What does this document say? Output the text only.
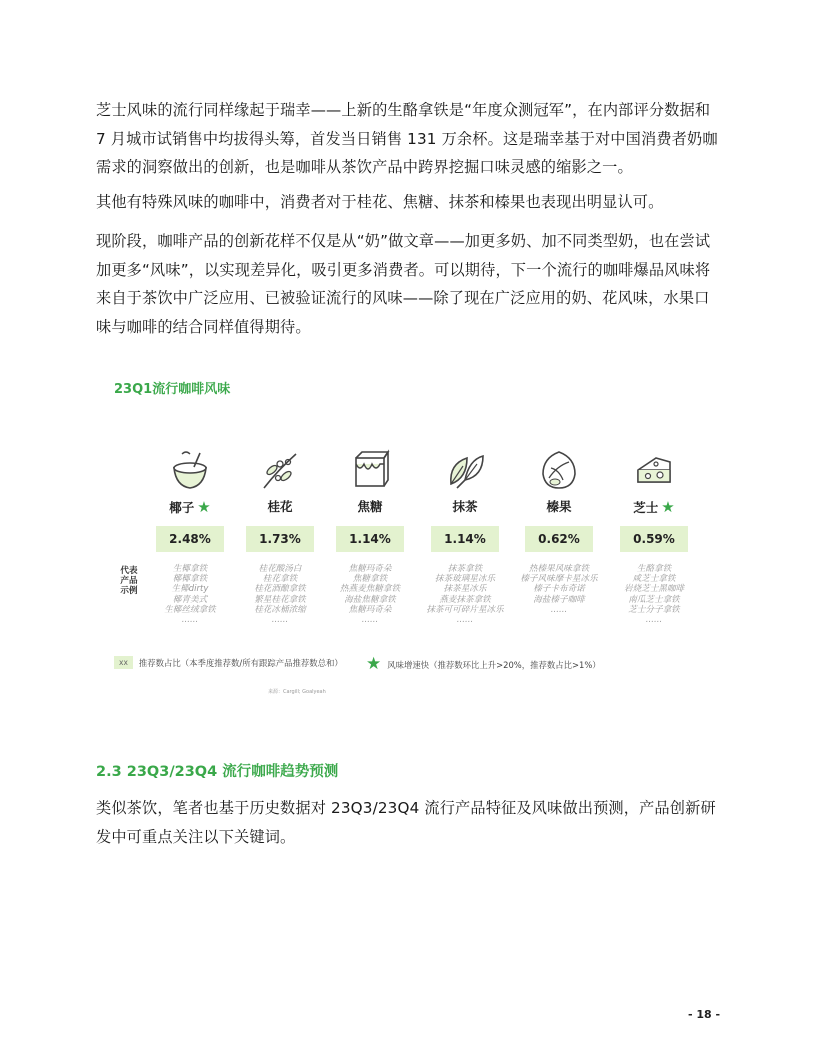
芝士风味的流行同样缘起于瑞幸——上新的生酪拿铁是“年度众测冠军”，在内部评分数据和 7 月城市试销售中均拔得头筹，首发当日销售 131 万余杯。这是瑞幸基于对中国消费者奶咖需求的洞察做出的创新，也是咖啡从茶饮产品中跨界挖掘口味灵感的缩影之一。

其他有特殊风味的咖啡中，消费者对于桂花、焦糖、抹茶和榛果也表现出明显认可。

现阶段，咖啡产品的创新花样不仅是从“奶”做文章——加更多奶、加不同类型奶，也在尝试加更多“风味”，以实现差异化，吸引更多消费者。可以期待，下一个流行的咖啡爆品风味将来自于茶饮中广泛应用、已被验证流行的风味——除了现在广泛应用的奶、花风味，水果口味与咖啡的结合同样值得期待。

23Q1流行咖啡风味
代表产品示例
椰子 ★
2.48%
生椰拿铁
椰椰拿铁
生椰dirty
椰青美式
生椰丝绒拿铁
......
桂花
1.73%
桂花酸汤白
桂花拿铁
桂花酒酿拿铁
繁星桂花拿铁
桂花冰桶浓缩
......
焦糖
1.14%
焦糖玛奇朵
焦糖拿铁
热燕麦焦糖拿铁
海盐焦糖拿铁
焦糖玛奇朵
......
抹茶
1.14%
抹茶拿铁
抹茶玻璃星冰乐
抹茶星冰乐
燕麦抹茶拿铁
抹茶可可碎片星冰乐
......
榛果
0.62%
热榛果风味拿铁
榛子风味摩卡星冰乐
榛子卡布奇诺
海盐榛子咖啡
......
芝士 ★
0.59%
生酪拿铁
咸芝士拿铁
岩烧芝士黑咖啡
南瓜芝士拿铁
芝士分子拿铁
......
xx	推荐数占比（本季度推荐数/所有跟踪产品推荐数总和） ★ 风味增速快（推荐数环比上升>20%，推荐数占比>1%）
来源：Cargill; Goalyeah
2.3 23Q3/23Q4 流行咖啡趋势预测

类似茶饮，笔者也基于历史数据对 23Q3/23Q4 流行产品特征及风味做出预测，产品创新研发中可重点关注以下关键词。

- 18 -
